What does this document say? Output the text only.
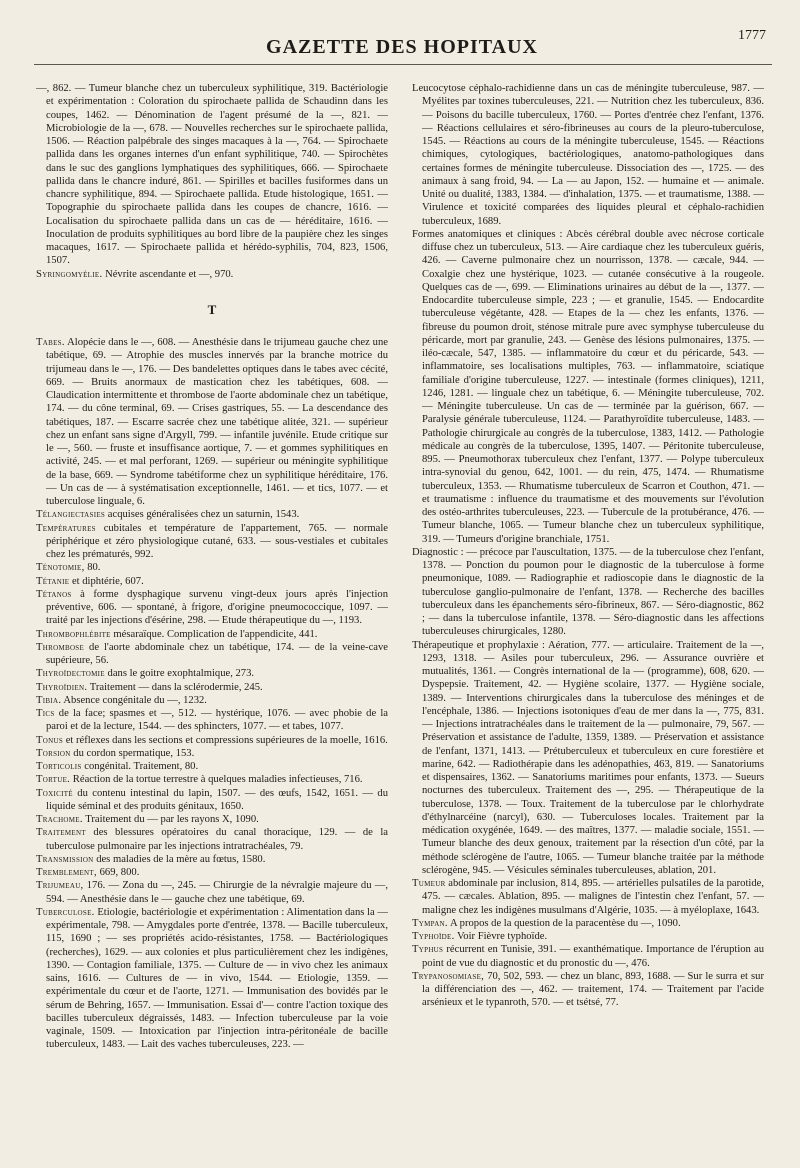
GAZETTE DES HOPITAUX
1777

—, 862. — Tumeur blanche chez un tuberculeux syphilitique, 319. Bactériologie et expérimentation : Coloration du spirochaete pallida de Schaudinn dans les coupes, 1462. — Dénomination de l'agent présumé de la —, 821. — Microbiologie de la —, 678. — Nouvelles recherches sur le spirochaete pallida, 1506. — Réaction palpébrale des singes macaques à la —, 764. — Spirochaete pallida dans les organes internes d'un enfant syphilitique, 740. — Spirochètes dans le suc des ganglions lymphatiques des syphilitiques, 666. — Spirochaete pallida dans le chancre induré, 861. — Spirilles et bacilles fusiformes dans un chancre syphilitique, 894. — Spirochaete pallida. Etude histologique, 1651. — Topographie du spirochaete pallida dans les coupes de chancre, 1616. — Localisation du spirochaete pallida dans un cas de — héréditaire, 1616. — Inoculation de produits syphilitiques au bord libre de la paupière chez les singes macaques, 1617. — Spirochaete pallida et hérédo-syphilis, 704, 823, 1506, 1507.

Syringomyélie. Névrite ascendante et —, 970.

T

Tabes. Alopécie dans le —, 608. — Anesthésie dans le trijumeau gauche chez une tabétique, 69. — Atrophie des muscles innervés par la branche motrice du trijumeau dans le —, 176. — Des bandelettes optiques dans le tabes avec cécité, 669. — Bruits anormaux de mastication chez les tabétiques, 608. — Claudication intermittente et thrombose de l'aorte abdominale chez un tabétique, 174. — du cône terminal, 69. — Crises gastriques, 55. — La descendance des tabétiques, 187. — Escarre sacrée chez une tabétique alitée, 321. — supérieur chez un enfant sans signe d'Argyll, 799. — infantile juvénile. Etude critique sur le —, 560. — fruste et insuffisance aortique, 7. — et gommes syphilitiques en activité, 245. — et mal perforant, 1269. — supérieur ou méningite syphilitique de la base, 669. — Syndrome tabétiforme chez un syphilitique héréditaire, 176. — Un cas de — à systématisation exceptionnelle, 1461. — et tics, 1077. — et tuberculose linguale, 6.

Télangiectasies acquises généralisées chez un saturnin, 1543.

Températures cubitales et température de l'appartement, 765. — normale périphérique et zéro physiologique cutané, 633. — sous-vestiales et cubitales chez les prématurés, 992.

Ténotomie, 80.

Tétanie et diphtérie, 607.

Tétanos à forme dysphagique survenu vingt-deux jours après l'injection préventive, 606. — spontané, à frigore, d'origine pneumococcique, 1097. — traité par les injections d'ésérine, 298. — Etude thérapeutique du —, 1193.

Thrombophlébite mésaraïque. Complication de l'appendicite, 441.

Thrombose de l'aorte abdominale chez un tabétique, 174. — de la veine-cave supérieure, 56.

Thyroïdectomie dans le goitre exophtalmique, 273.

Thyroïdien. Traitement — dans la sclérodermie, 245.

Tibia. Absence congénitale du —, 1232.

Tics de la face; spasmes et —, 512. — hystérique, 1076. — avec phobie de la paroi et de la lecture, 1544. — des sphincters, 1077. — et tabes, 1077.

Tonus et réflexes dans les sections et compressions supérieures de la moelle, 1616.

Torsion du cordon spermatique, 153.

Torticolis congénital. Traitement, 80.

Tortue. Réaction de la tortue terrestre à quelques maladies infectieuses, 716.

Toxicité du contenu intestinal du lapin, 1507. — des œufs, 1542, 1651. — du liquide séminal et des produits génitaux, 1650.

Trachome. Traitement du — par les rayons X, 1090.

Traitement des blessures opératoires du canal thoracique, 129. — de la tuberculose pulmonaire par les injections intratrachéales, 79.

Transmission des maladies de la mère au fœtus, 1580.

Tremblement, 669, 800.

Trijumeau, 176. — Zona du —, 245. — Chirurgie de la névralgie majeure du —, 594. — Anesthésie dans le — gauche chez une tabétique, 69.

Tuberculose. Etiologie, bactériologie et expérimentation : Alimentation dans la — expérimentale, 798. — Amygdales porte d'entrée, 1378. — Bacille tuberculeux, 115, 1690 ; — ses propriétés acido-résistantes, 1758. — Bactériologiques (recherches), 1629. — aux colonies et plus particulièrement chez les indigènes, 1390. — Contagion familiale, 1375. — Culture de — in vivo chez les animaux sains, 1616. — Cultures de — in vivo, 1544. — Etiologie, 1359. — expérimentale du cœur et de l'aorte, 1271. — Immunisation des bovidés par le sérum de Behring, 1657. — Immunisation. Essai d'— contre l'action toxique des bacilles tuberculeux dégraissés, 1483. — Infection tuberculeuse par la voie vaginale, 1509. — Intoxication par l'injection intra-péritonéale de bacille tuberculeux, 1483. — Lait des vaches tuberculeuses, 223. —

Leucocytose céphalo-rachidienne dans un cas de méningite tuberculeuse, 987. — Myélites par toxines tuberculeuses, 221. — Nutrition chez les tuberculeux, 836. — Poisons du bacille tuberculeux, 1760. — Portes d'entrée chez l'enfant, 1376. — Réactions cellulaires et séro-fibrineuses au cours de la pleuro-tuberculose, 1545. — Réactions au cours de la méningite tuberculeuse, 1545. — Réactions chimiques, cytologiques, bactériologiques, anatomo-pathologiques dans certaines formes de méningite tuberculeuse. Dissociation des —, 1725. — des animaux à sang froid, 94. — La — au Japon, 152. — humaine et — animale. Unité ou dualité, 1383, 1384. — d'inhalation, 1375. — et traumatisme, 1388. — Virulence et toxicité comparées des liquides pleural et céphalo-rachidien tuberculeux, 1689.

Formes anatomiques et cliniques : Abcès cérébral double avec nécrose corticale diffuse chez un tuberculeux, 513. — Aire cardiaque chez les tuberculeux guéris, 426. — Caverne pulmonaire chez un nourrisson, 1378. — cæcale, 944. — Coxalgie chez une hystérique, 1023. — cutanée consécutive à la rougeole. Quelques cas de —, 699. — Eliminations urinaires au début de la —, 1377. — Endocardite tuberculeuse simple, 223 ; — et granulie, 1545. — Endocardite tuberculeuse végétante, 428. — Etapes de la — chez les enfants, 1376. — fibreuse du poumon droit, sténose mitrale pure avec symphyse tuberculeuse du péricarde, mort par granulie, 243. — Genèse des lésions pulmonaires, 1375. — iléo-cæcale, 547, 1385. — inflammatoire du cœur et du péricarde, 543. — inflammatoire, ses localisations multiples, 763. — inflammatoire, sciatique familiale d'origine tuberculeuse, 1227. — intestinale (formes cliniques), 1211, 1246, 1281. — linguale chez un tabétique, 6. — Méningite tuberculeuse, 702. — Méningite tuberculeuse. Un cas de — terminée par la guérison, 667. — Paralysie générale tuberculeuse, 1124. — Parathyroïdite tuberculeuse, 1483. — Pathologie chirurgicale au congrès de la tuberculose, 1383, 1412. — Pathologie médicale au congrès de la tuberculose, 1395, 1407. — Péritonite tuberculeuse, 895. — Pneumothorax tuberculeux chez l'enfant, 1377. — Polype tuberculeux intra-synovial du genou, 642, 1001. — du rein, 475, 1474. — Rhumatisme tuberculeux, 1353. — Rhumatisme tuberculeux de Scarron et Couthon, 471. — et traumatisme : influence du traumatisme et des mouvements sur l'évolution des ostéo-arthrites tuberculeuses, 223. — Tubercule de la protubérance, 476. — Tumeur blanche, 1065. — Tumeur blanche chez un tuberculeux syphilitique, 319. — Tumeurs d'origine branchiale, 1751.

Diagnostic : — précoce par l'auscultation, 1375. — de la tuberculose chez l'enfant, 1378. — Ponction du poumon pour le diagnostic de la tuberculose à forme pneumonique, 1089. — Radiographie et radioscopie dans le diagnostic de la tuberculose ganglio-pulmonaire de l'enfant, 1378. — Recherche des bacilles tuberculeux dans les épanchements séro-fibrineux, 867. — Séro-diagnostic, 862 ; — dans la tuberculose infantile, 1378. — Séro-diagnostic dans les affections tuberculeuses chirurgicales, 1280.

Thérapeutique et prophylaxie : Aération, 777. — articulaire. Traitement de la —, 1293, 1318. — Asiles pour tuberculeux, 296. — Assurance ouvrière et mutualités, 1361. — Congrès international de la — (programme), 608, 620. — Dyspepsie. Traitement, 42. — Hygiène scolaire, 1377. — Hygiène sociale, 1389. — Interventions chirurgicales dans la tuberculose des méninges et de l'encéphale, 1386. — Injections isotoniques d'eau de mer dans la —, 775, 831. — Injections intratrachéales dans le traitement de la — pulmonaire, 79, 567. — Préservation et assistance de l'adulte, 1359, 1389. — Préservation et assistance de l'enfant, 1371, 1413. — Prétuberculeux et tuberculeux en cure forestière et marine, 642. — Radiothérapie dans les adénopathies, 463, 819. — Sanatoriums et dispensaires, 1362. — Sanatoriums maritimes pour enfants, 1373. — Sueurs nocturnes des tuberculeux. Traitement des —, 295. — Thérapeutique de la tuberculose, 1378. — Toux. Traitement de la tuberculose par le chlorhydrate d'éthylnarcéine (narcyl), 630. — Tuberculoses locales. Traitement par la médication oxygénée, 1649. — des maîtres, 1377. — maladie sociale, 1551. — Tumeur blanche des deux genoux, traitement par la résection d'un côté, par la méthode sclérogène de l'autre, 1065. — Tumeur blanche traitée par la méthode sclérogène, 945. — Vésicules séminales tuberculeuses, ablation, 201.

Tumeur abdominale par inclusion, 814, 895. — artérielles pulsatiles de la parotide, 475. — cæcales. Ablation, 895. — malignes de l'intestin chez l'enfant, 57. — maligne chez les indigènes musulmans d'Algérie, 1035. — à myéloplaxe, 1643.

Tympan. A propos de la question de la paracentèse du —, 1090.

Typhoïde. Voir Fièvre typhoïde.

Typhus récurrent en Tunisie, 391. — exanthématique. Importance de l'éruption au point de vue du diagnostic et du pronostic du —, 476.

Trypanosomiase, 70, 502, 593. — chez un blanc, 893, 1688. — Sur le surra et sur la différenciation des —, 462. — traitement, 174. — Traitement par l'acide arsénieux et le typanroth, 570. — et tsétsé, 77.
